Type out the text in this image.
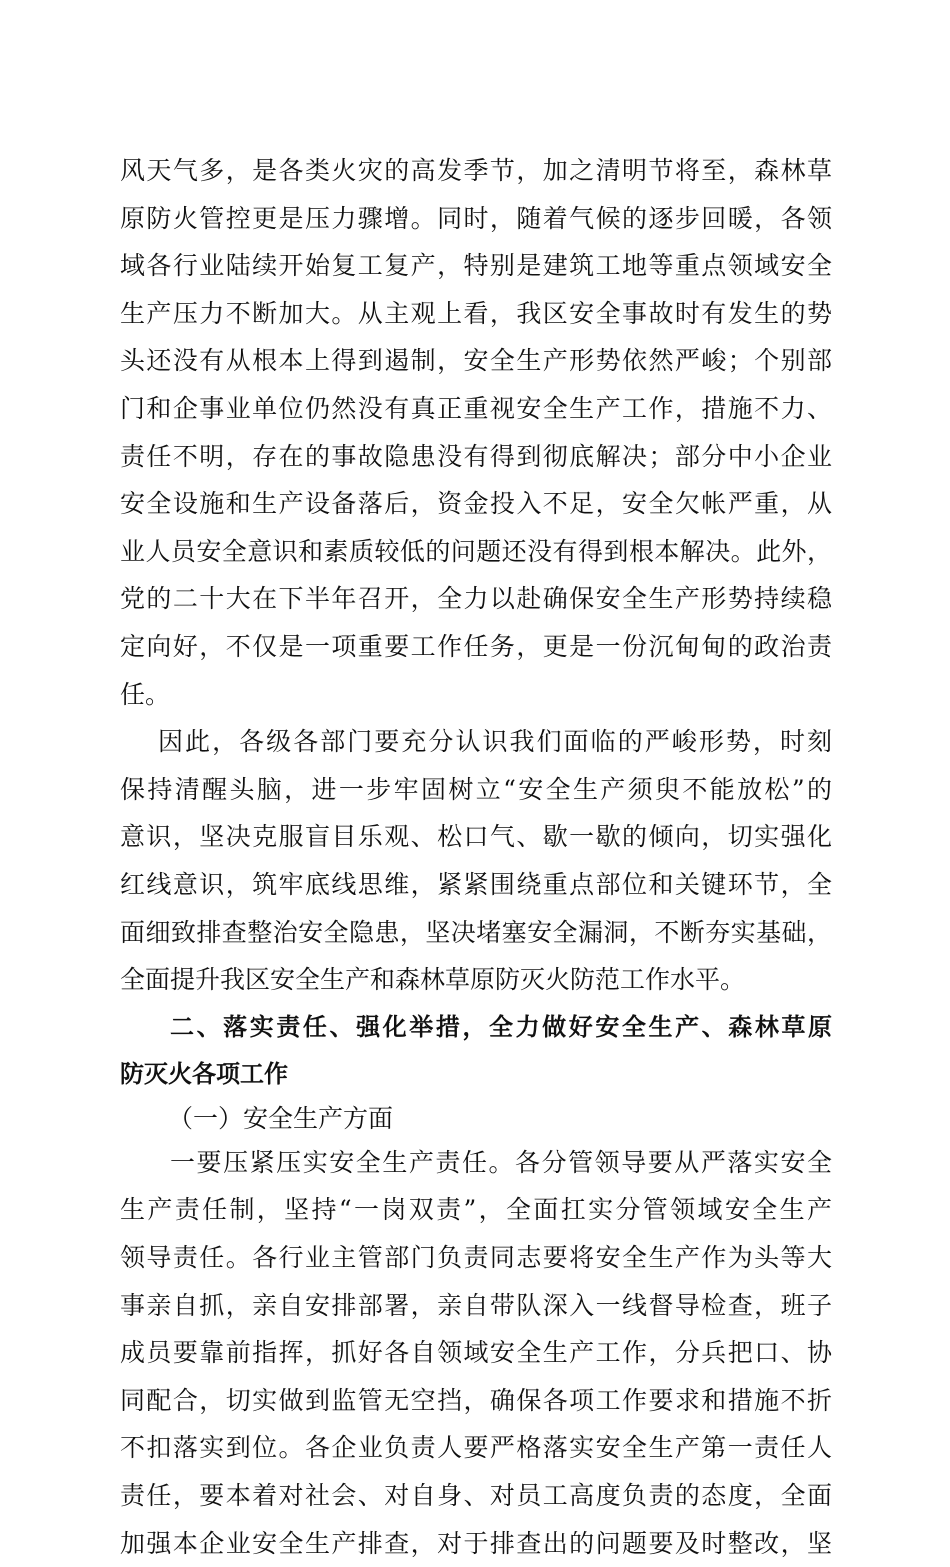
风天气多，是各类火灾的高发季节，加之清明节将至，森林草
原防火管控更是压力骤增。同时，随着气候的逐步回暖，各领
域各行业陆续开始复工复产，特别是建筑工地等重点领域安全
生产压力不断加大。从主观上看，我区安全事故时有发生的势
头还没有从根本上得到遏制，安全生产形势依然严峻；个别部
门和企事业单位仍然没有真正重视安全生产工作，措施不力、
责任不明，存在的事故隐患没有得到彻底解决；部分中小企业
安全设施和生产设备落后，资金投入不足，安全欠帐严重，从
业人员安全意识和素质较低的问题还没有得到根本解决。此外，
党的二十大在下半年召开，全力以赴确保安全生产形势持续稳
定向好，不仅是一项重要工作任务，更是一份沉甸甸的政治责
任。
因此，各级各部门要充分认识我们面临的严峻形势，时刻
保持清醒头脑，进一步牢固树立“安全生产须臾不能放松”的
意识，坚决克服盲目乐观、松口气、歇一歇的倾向，切实强化
红线意识，筑牢底线思维，紧紧围绕重点部位和关键环节，全
面细致排查整治安全隐患，坚决堵塞安全漏洞，不断夯实基础，
全面提升我区安全生产和森林草原防灭火防范工作水平。
二、落实责任、强化举措，全力做好安全生产、森林草原
防灭火各项工作
（一）安全生产方面
一要压紧压实安全生产责任。各分管领导要从严落实安全
生产责任制，坚持“一岗双责”，全面扛实分管领域安全生产
领导责任。各行业主管部门负责同志要将安全生产作为头等大
事亲自抓，亲自安排部署，亲自带队深入一线督导检查，班子
成员要靠前指挥，抓好各自领域安全生产工作，分兵把口、协
同配合，切实做到监管无空挡，确保各项工作要求和措施不折
不扣落实到位。各企业负责人要严格落实安全生产第一责任人
责任，要本着对社会、对自身、对员工高度负责的态度，全面
加强本企业安全生产排查，对于排查出的问题要及时整改，坚
